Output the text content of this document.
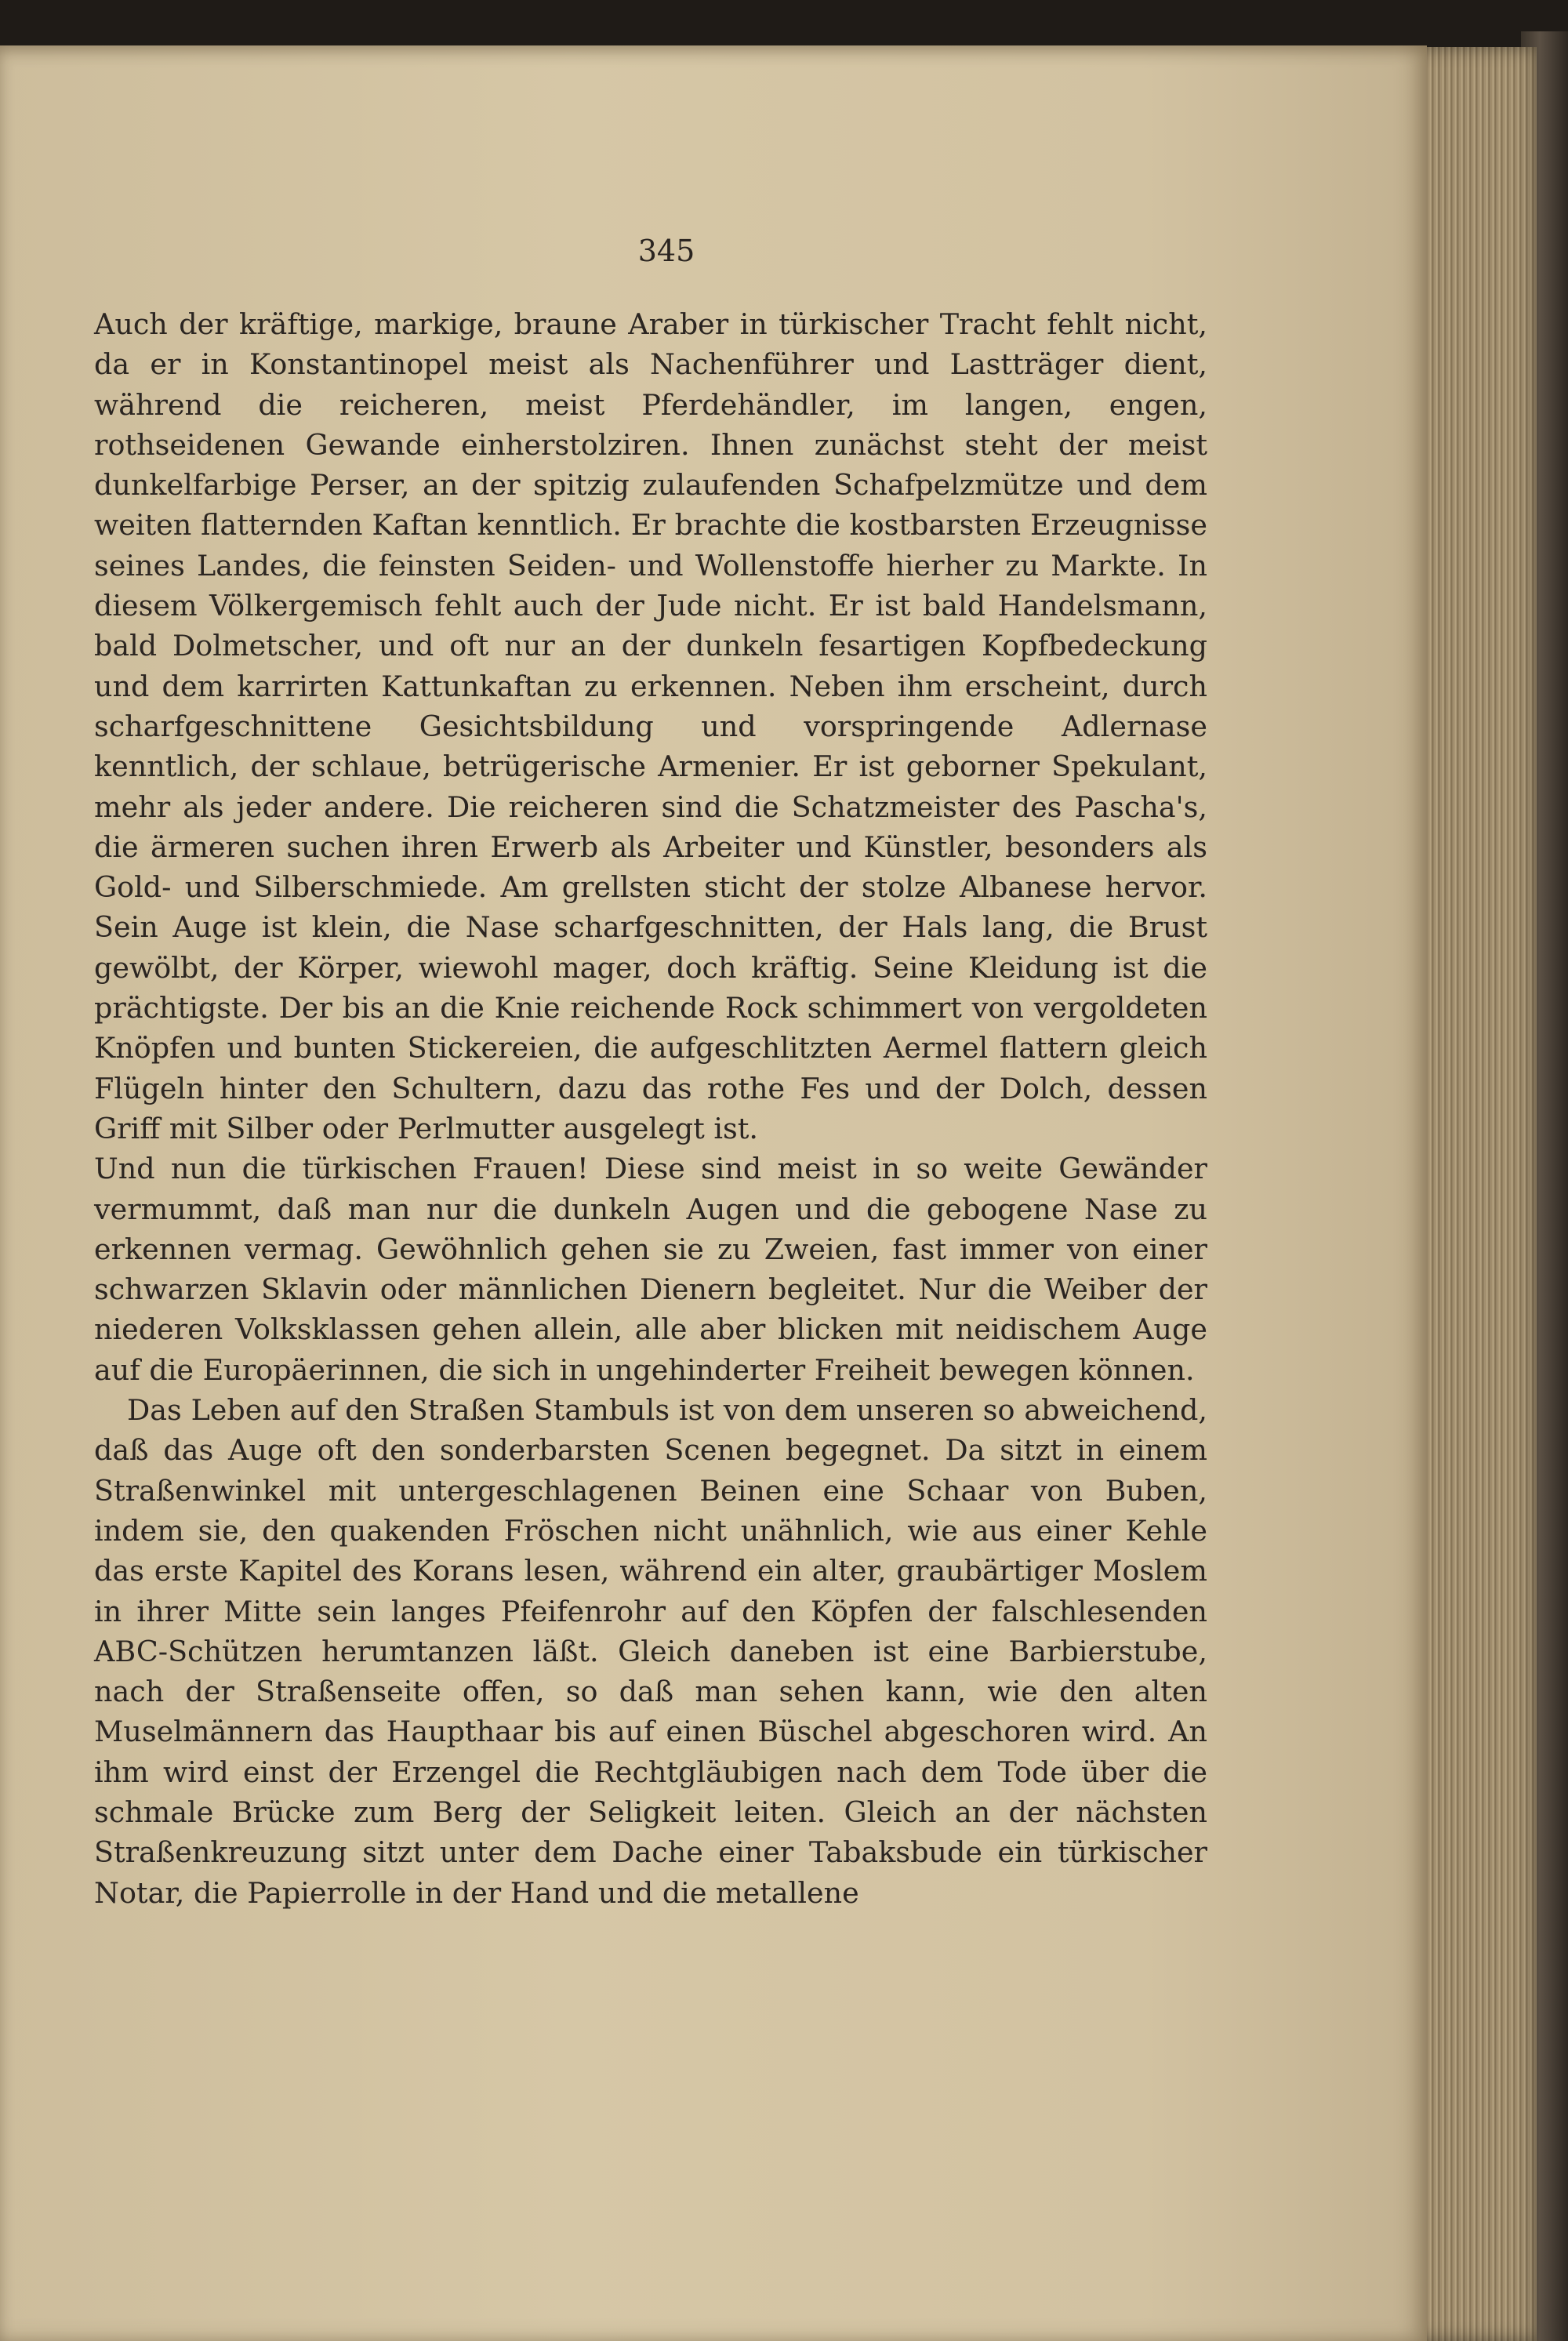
345

Auch der kräftige, markige, braune Araber in türkischer Tracht fehlt nicht, da er in Konstantinopel meist als Nachenführer und Lastträger dient, während die reicheren, meist Pferdehändler, im langen, engen, rothseidenen Gewande einherstolziren. Ihnen zunächst steht der meist dunkelfarbige Perser, an der spitzig zulaufenden Schafpelzmütze und dem weiten flatternden Kaftan kenntlich. Er brachte die kostbarsten Erzeugnisse seines Landes, die feinsten Seiden- und Wollenstoffe hierher zu Markte. In diesem Völkergemisch fehlt auch der Jude nicht. Er ist bald Handelsmann, bald Dolmetscher, und oft nur an der dunkeln fesartigen Kopfbedeckung und dem karrirten Kattunkaftan zu erkennen. Neben ihm erscheint, durch scharfgeschnittene Gesichtsbildung und vorspringende Adlernase kenntlich, der schlaue, betrügerische Armenier. Er ist geborner Spekulant, mehr als jeder andere. Die reicheren sind die Schatzmeister des Pascha's, die ärmeren suchen ihren Erwerb als Arbeiter und Künstler, besonders als Gold- und Silberschmiede. Am grellsten sticht der stolze Albanese hervor. Sein Auge ist klein, die Nase scharfgeschnitten, der Hals lang, die Brust gewölbt, der Körper, wiewohl mager, doch kräftig. Seine Kleidung ist die prächtigste. Der bis an die Knie reichende Rock schimmert von vergoldeten Knöpfen und bunten Stickereien, die aufgeschlitzten Aermel flattern gleich Flügeln hinter den Schultern, dazu das rothe Fes und der Dolch, dessen Griff mit Silber oder Perlmutter ausgelegt ist.

Und nun die türkischen Frauen! Diese sind meist in so weite Gewänder vermummt, daß man nur die dunkeln Augen und die gebogene Nase zu erkennen vermag. Gewöhnlich gehen sie zu Zweien, fast immer von einer schwarzen Sklavin oder männlichen Dienern begleitet. Nur die Weiber der niederen Volksklassen gehen allein, alle aber blicken mit neidischem Auge auf die Europäerinnen, die sich in ungehinderter Freiheit bewegen können.

Das Leben auf den Straßen Stambuls ist von dem unseren so abweichend, daß das Auge oft den sonderbarsten Scenen begegnet. Da sitzt in einem Straßenwinkel mit untergeschlagenen Beinen eine Schaar von Buben, indem sie, den quakenden Fröschen nicht unähnlich, wie aus einer Kehle das erste Kapitel des Korans lesen, während ein alter, graubärtiger Moslem in ihrer Mitte sein langes Pfeifenrohr auf den Köpfen der falschlesenden ABC-Schützen herumtanzen läßt. Gleich daneben ist eine Barbierstube, nach der Straßenseite offen, so daß man sehen kann, wie den alten Muselmännern das Haupthaar bis auf einen Büschel abgeschoren wird. An ihm wird einst der Erzengel die Rechtgläubigen nach dem Tode über die schmale Brücke zum Berg der Seligkeit leiten. Gleich an der nächsten Straßenkreuzung sitzt unter dem Dache einer Tabaksbude ein türkischer Notar, die Papierrolle in der Hand und die metallene
